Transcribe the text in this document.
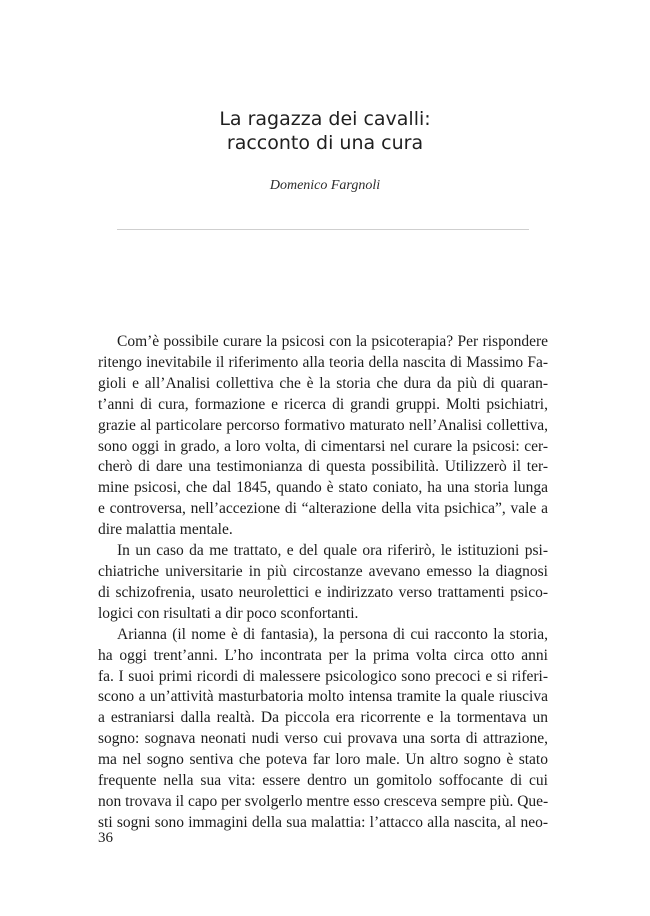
La ragazza dei cavalli:
racconto di una cura
Domenico Fargnoli
Com’è possibile curare la psicosi con la psicoterapia? Per rispondere
ritengo inevitabile il riferimento alla teoria della nascita di Massimo Fa-
gioli e all’Analisi collettiva che è la storia che dura da più di quaran-
t’anni di cura, formazione e ricerca di grandi gruppi. Molti psichiatri,
grazie al particolare percorso formativo maturato nell’Analisi collettiva,
sono oggi in grado, a loro volta, di cimentarsi nel curare la psicosi: cer-
cherò di dare una testimonianza di questa possibilità. Utilizzerò il ter-
mine psicosi, che dal 1845, quando è stato coniato, ha una storia lunga
e controversa, nell’accezione di “alterazione della vita psichica”, vale a
dire malattia mentale.
In un caso da me trattato, e del quale ora riferirò, le istituzioni psi-
chiatriche universitarie in più circostanze avevano emesso la diagnosi
di schizofrenia, usato neurolettici e indirizzato verso trattamenti psico-
logici con risultati a dir poco sconfortanti.
Arianna (il nome è di fantasia), la persona di cui racconto la storia,
ha oggi trent’anni. L’ho incontrata per la prima volta circa otto anni
fa. I suoi primi ricordi di malessere psicologico sono precoci e si riferi-
scono a un’attività masturbatoria molto intensa tramite la quale riusciva
a estraniarsi dalla realtà. Da piccola era ricorrente e la tormentava un
sogno: sognava neonati nudi verso cui provava una sorta di attrazione,
ma nel sogno sentiva che poteva far loro male. Un altro sogno è stato
frequente nella sua vita: essere dentro un gomitolo soffocante di cui
non trovava il capo per svolgerlo mentre esso cresceva sempre più. Que-
sti sogni sono immagini della sua malattia: l’attacco alla nascita, al neo-
36
